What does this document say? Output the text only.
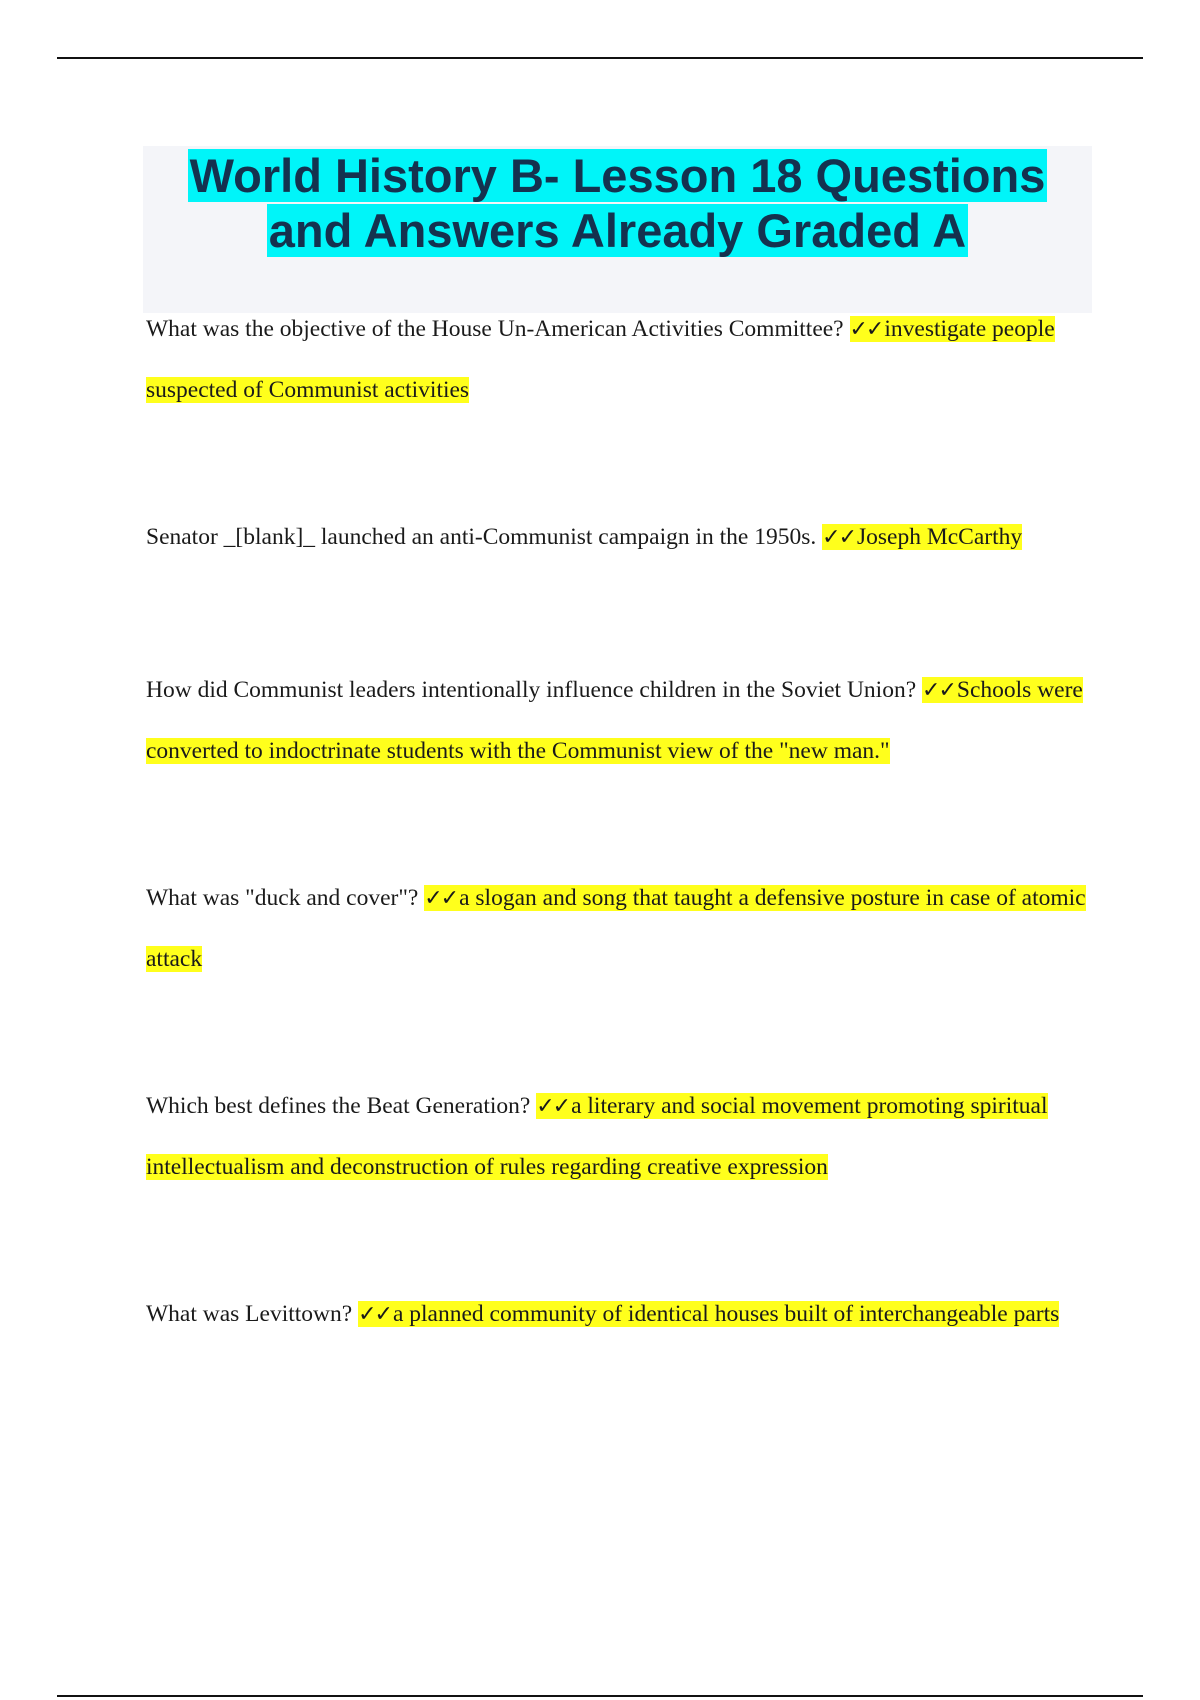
World History B- Lesson 18 Questions
and Answers Already Graded A

What was the objective of the House Un-American Activities Committee? ✓✓investigate people suspected of Communist activities

Senator _[blank]_ launched an anti-Communist campaign in the 1950s. ✓✓Joseph McCarthy

How did Communist leaders intentionally influence children in the Soviet Union? ✓✓Schools were converted to indoctrinate students with the Communist view of the "new man."

What was "duck and cover"? ✓✓a slogan and song that taught a defensive posture in case of atomic attack

Which best defines the Beat Generation? ✓✓a literary and social movement promoting spiritual intellectualism and deconstruction of rules regarding creative expression

What was Levittown? ✓✓a planned community of identical houses built of interchangeable parts
